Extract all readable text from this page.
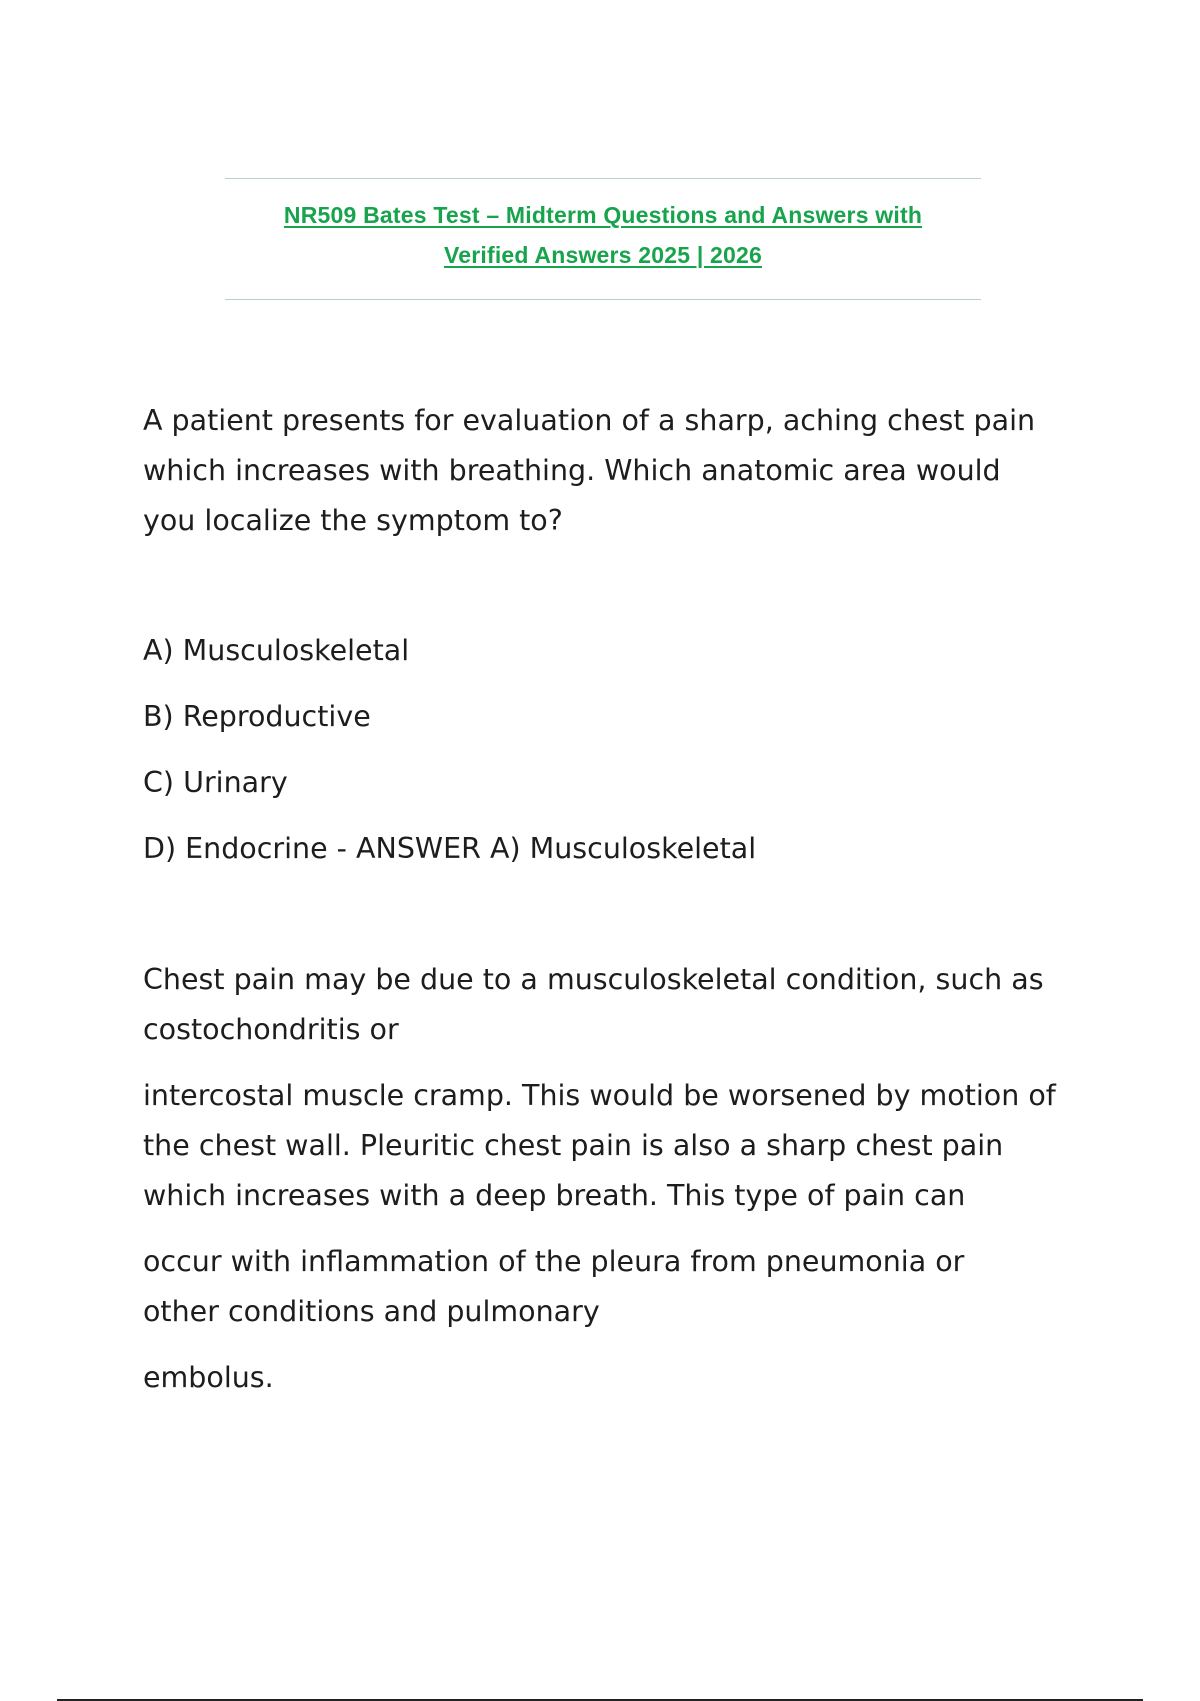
NR509 Bates Test – Midterm Questions and Answers with
Verified Answers 2025 | 2026

A patient presents for evaluation of a sharp, aching chest pain which increases with breathing. Which anatomic area would you localize the symptom to?

A) Musculoskeletal

B) Reproductive

C) Urinary

D) Endocrine - ANSWER A) Musculoskeletal

Chest pain may be due to a musculoskeletal condition, such as costochondritis or

intercostal muscle cramp. This would be worsened by motion of the chest wall. Pleuritic chest pain is also a sharp chest pain which increases with a deep breath. This type of pain can

occur with inflammation of the pleura from pneumonia or other conditions and pulmonary

embolus.
